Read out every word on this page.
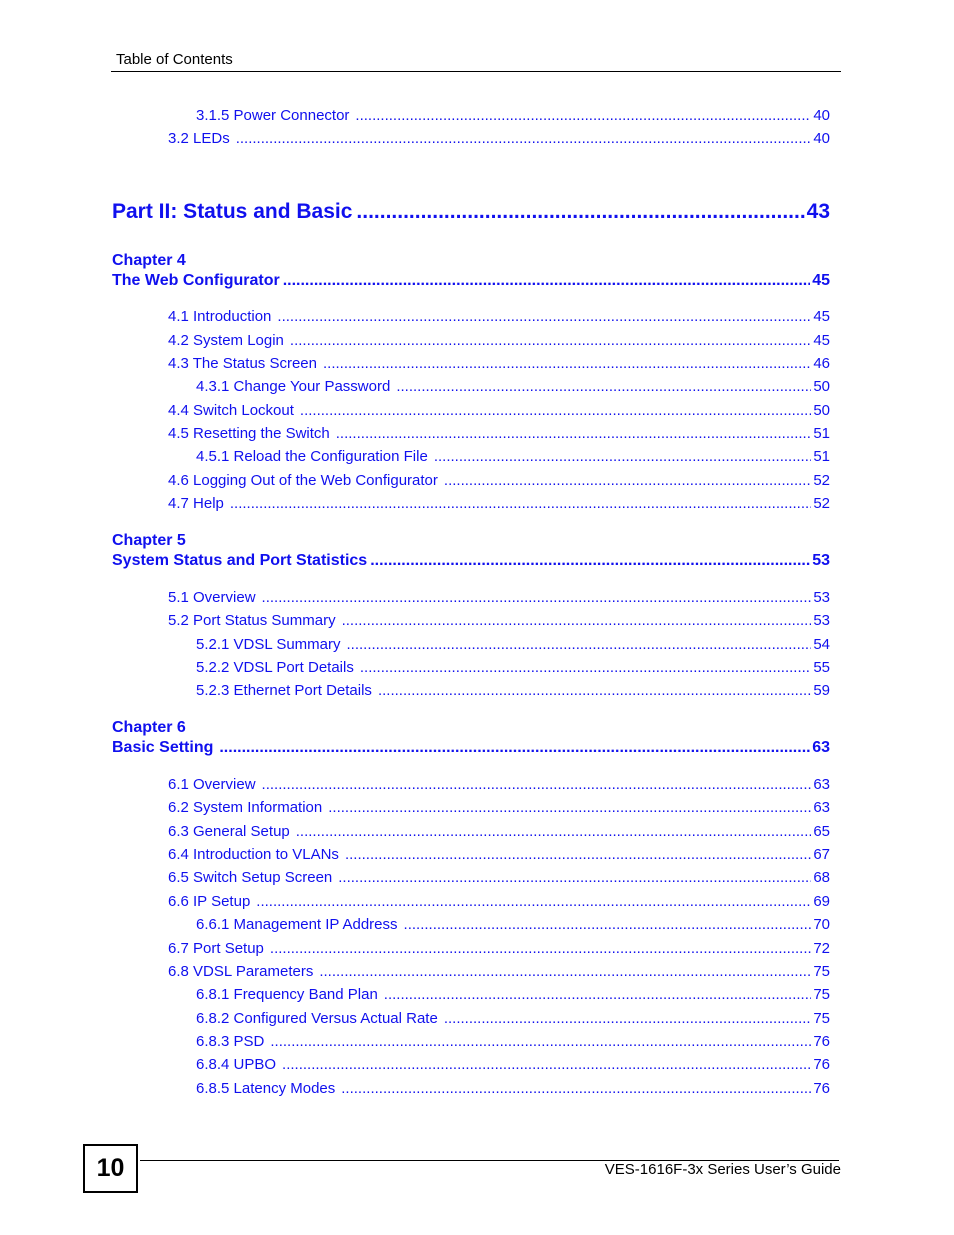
Table of Contents
3.1.5 Power Connector .....	40
3.2 LEDs .....	40
Part II: Status and Basic .....	43
Chapter 4
The Web Configurator .....	45
4.1 Introduction .....	45
4.2 System Login .....	45
4.3 The Status Screen .....	46
4.3.1 Change Your Password .....	50
4.4 Switch Lockout .....	50
4.5 Resetting the Switch .....	51
4.5.1 Reload the Configuration File .....	51
4.6 Logging Out of the Web Configurator .....	52
4.7 Help .....	52
Chapter 5
System Status and Port Statistics .....	53
5.1 Overview .....	53
5.2 Port Status Summary .....	53
5.2.1 VDSL Summary .....	54
5.2.2 VDSL Port Details .....	55
5.2.3 Ethernet Port Details .....	59
Chapter 6
Basic Setting .....	63
6.1 Overview .....	63
6.2 System Information .....	63
6.3 General Setup .....	65
6.4 Introduction to VLANs .....	67
6.5 Switch Setup Screen .....	68
6.6 IP Setup .....	69
6.6.1 Management IP Address .....	70
6.7 Port Setup .....	72
6.8 VDSL Parameters .....	75
6.8.1 Frequency Band Plan .....	75
6.8.2 Configured Versus Actual Rate .....	75
6.8.3 PSD .....	76
6.8.4 UPBO .....	76
6.8.5 Latency Modes .....	76
10	VES-1616F-3x Series User’s Guide
